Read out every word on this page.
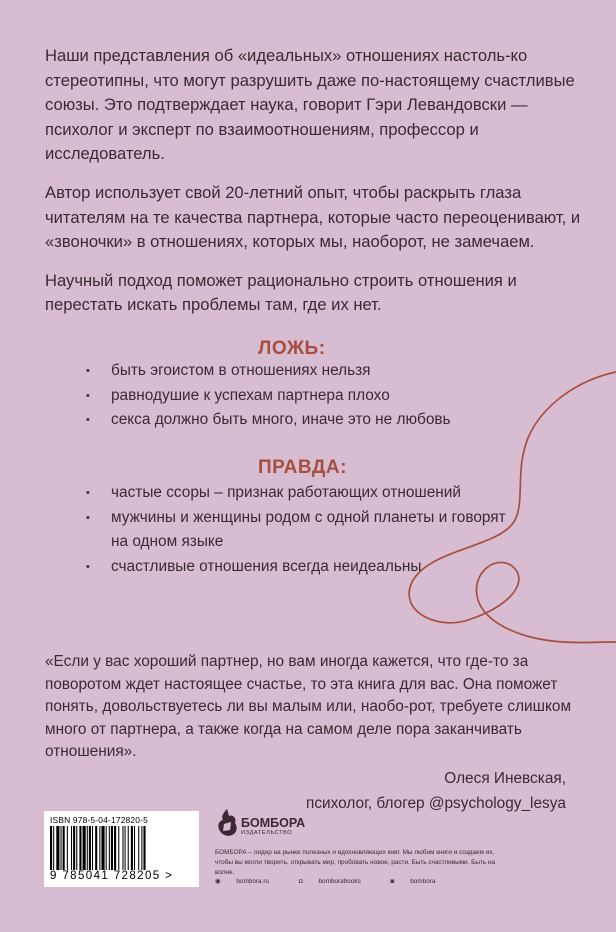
Наши представления об «идеальных» отношениях настоль-ко стереотипны, что могут разрушить даже по-настоящему счастливые союзы. Это подтверждает наука, говорит Гэри Левандовски — психолог и эксперт по взаимоотношениям, профессор и исследователь.

Автор использует свой 20-летний опыт, чтобы раскрыть глаза читателям на те качества партнера, которые часто переоценивают, и «звоночки» в отношениях, которых мы, наоборот, не замечаем.

Научный подход поможет рационально строить отношения и перестать искать проблемы там, где их нет.

ЛОЖЬ:
• быть эгоистом в отношениях нельзя
• равнодушие к успехам партнера плохо
• секса должно быть много, иначе это не любовь
ПРАВДА:
• частые ссоры – признак работающих отношений
• мужчины и женщины родом с одной планеты и говорят на одном языке
• счастливые отношения всегда неидеальны
«Если у вас хороший партнер, но вам иногда кажется, что где-то за поворотом ждет настоящее счастье, то эта книга для вас. Она поможет понять, довольствуетесь ли вы малым или, наобо-рот, требуете слишком много от партнера, а также когда на самом деле пора заканчивать отношения».
Олеся Иневская,
психолог, блогер @psychology_lesya
ISBN 978-5-04-172820-5
9 785041 728205 >
БОМБОРА
ИЗДАТЕЛЬСТВО
БОМБОРА – лидер на рынке полезных и вдохновляющих книг. Мы любим книги и создаем их, чтобы вы могли творить, открывать мир, пробовать новое, расти. Быть счастливыми. Быть на волне.
◉ bombora.ru	◘ bomborabooks	◙ bombora
